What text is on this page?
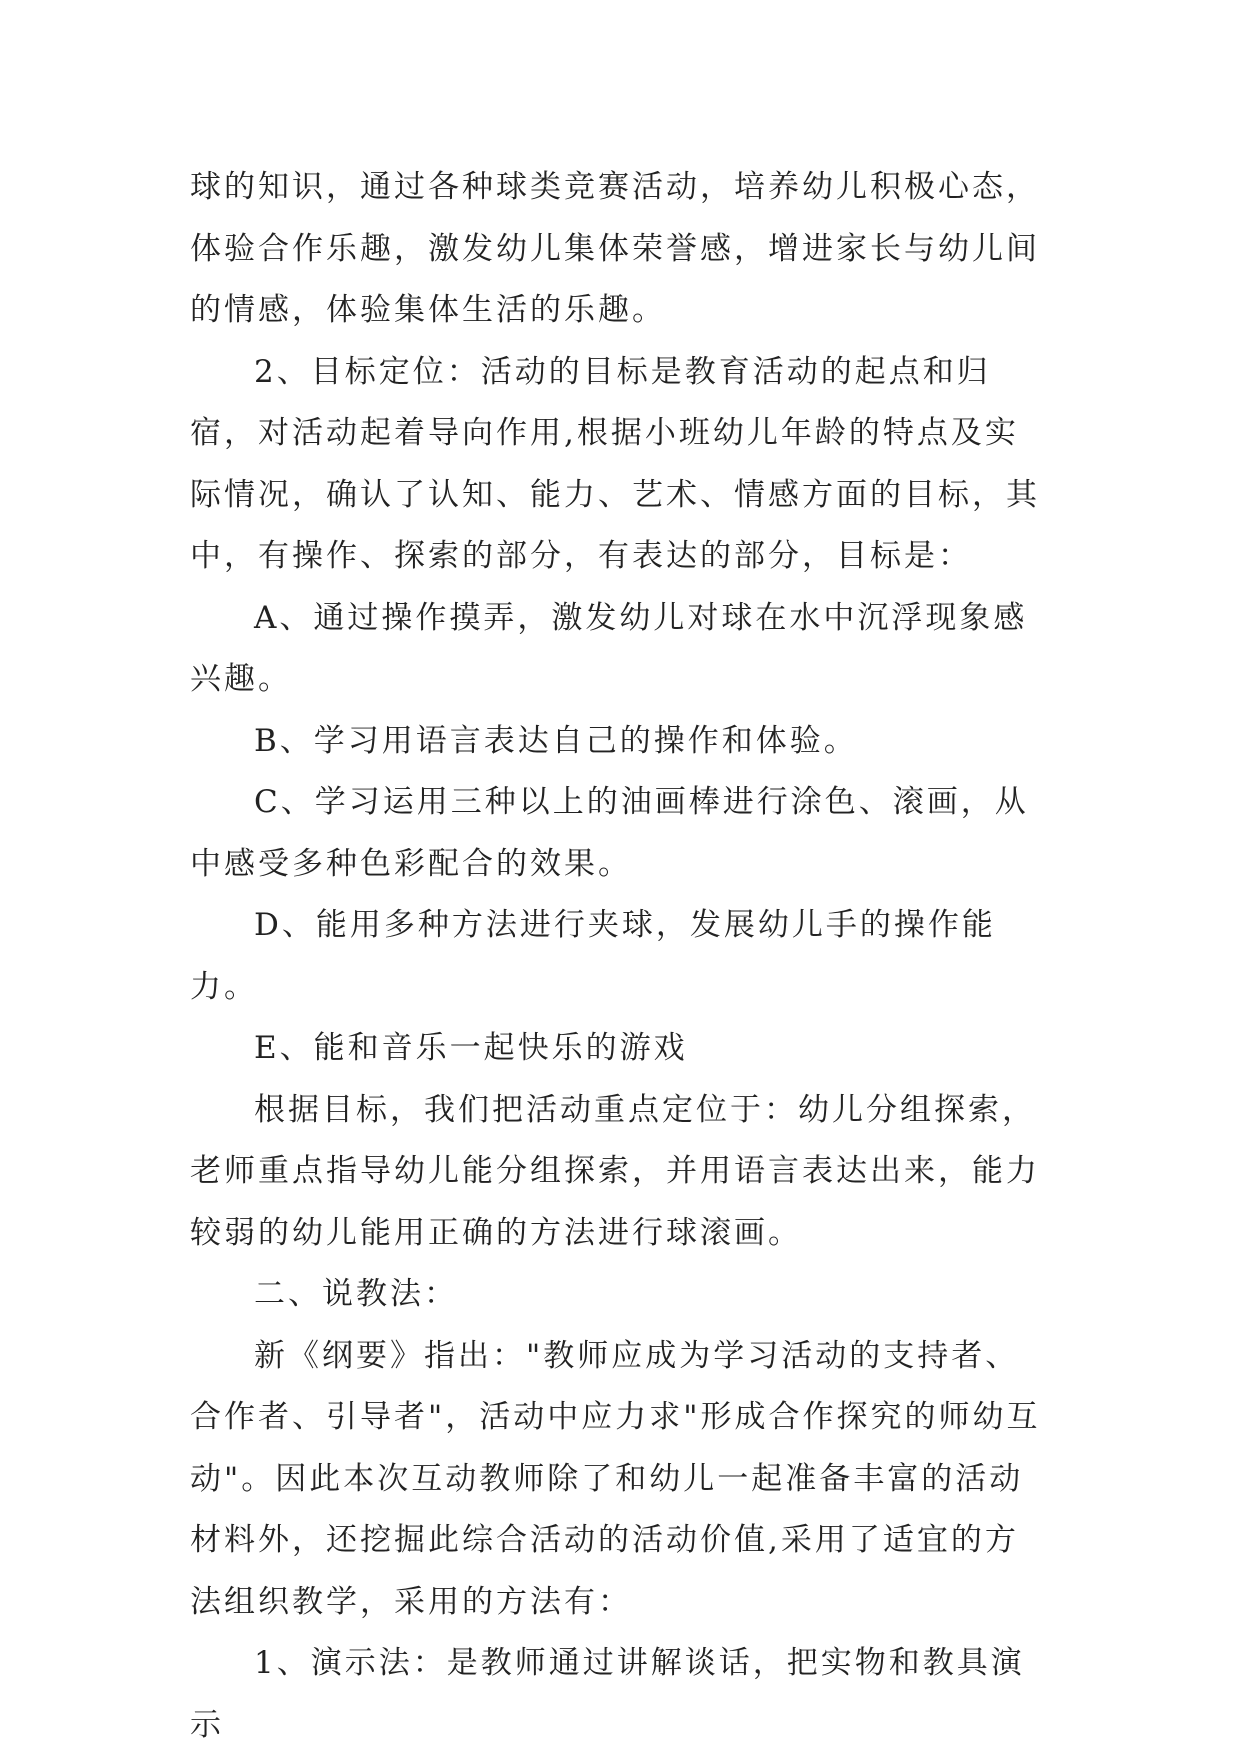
球的知识，通过各种球类竞赛活动，培养幼儿积极心态，体验合作乐趣，激发幼儿集体荣誉感，增进家长与幼儿间的情感，体验集体生活的乐趣。

2、目标定位：活动的目标是教育活动的起点和归宿，对活动起着导向作用,根据小班幼儿年龄的特点及实际情况，确认了认知、能力、艺术、情感方面的目标，其中，有操作、探索的部分，有表达的部分，目标是：

A、通过操作摸弄，激发幼儿对球在水中沉浮现象感兴趣。

B、学习用语言表达自己的操作和体验。

C、学习运用三种以上的油画棒进行涂色、滚画，从中感受多种色彩配合的效果。

D、能用多种方法进行夹球，发展幼儿手的操作能力。

E、能和音乐一起快乐的游戏

根据目标，我们把活动重点定位于：幼儿分组探索，老师重点指导幼儿能分组探索，并用语言表达出来，能力较弱的幼儿能用正确的方法进行球滚画。

二、说教法：

新《纲要》指出："教师应成为学习活动的支持者、合作者、引导者"，活动中应力求"形成合作探究的师幼互动"。因此本次互动教师除了和幼儿一起准备丰富的活动材料外，还挖掘此综合活动的活动价值,采用了适宜的方法组织教学，采用的方法有：

1、演示法：是教师通过讲解谈话，把实物和教具演示
